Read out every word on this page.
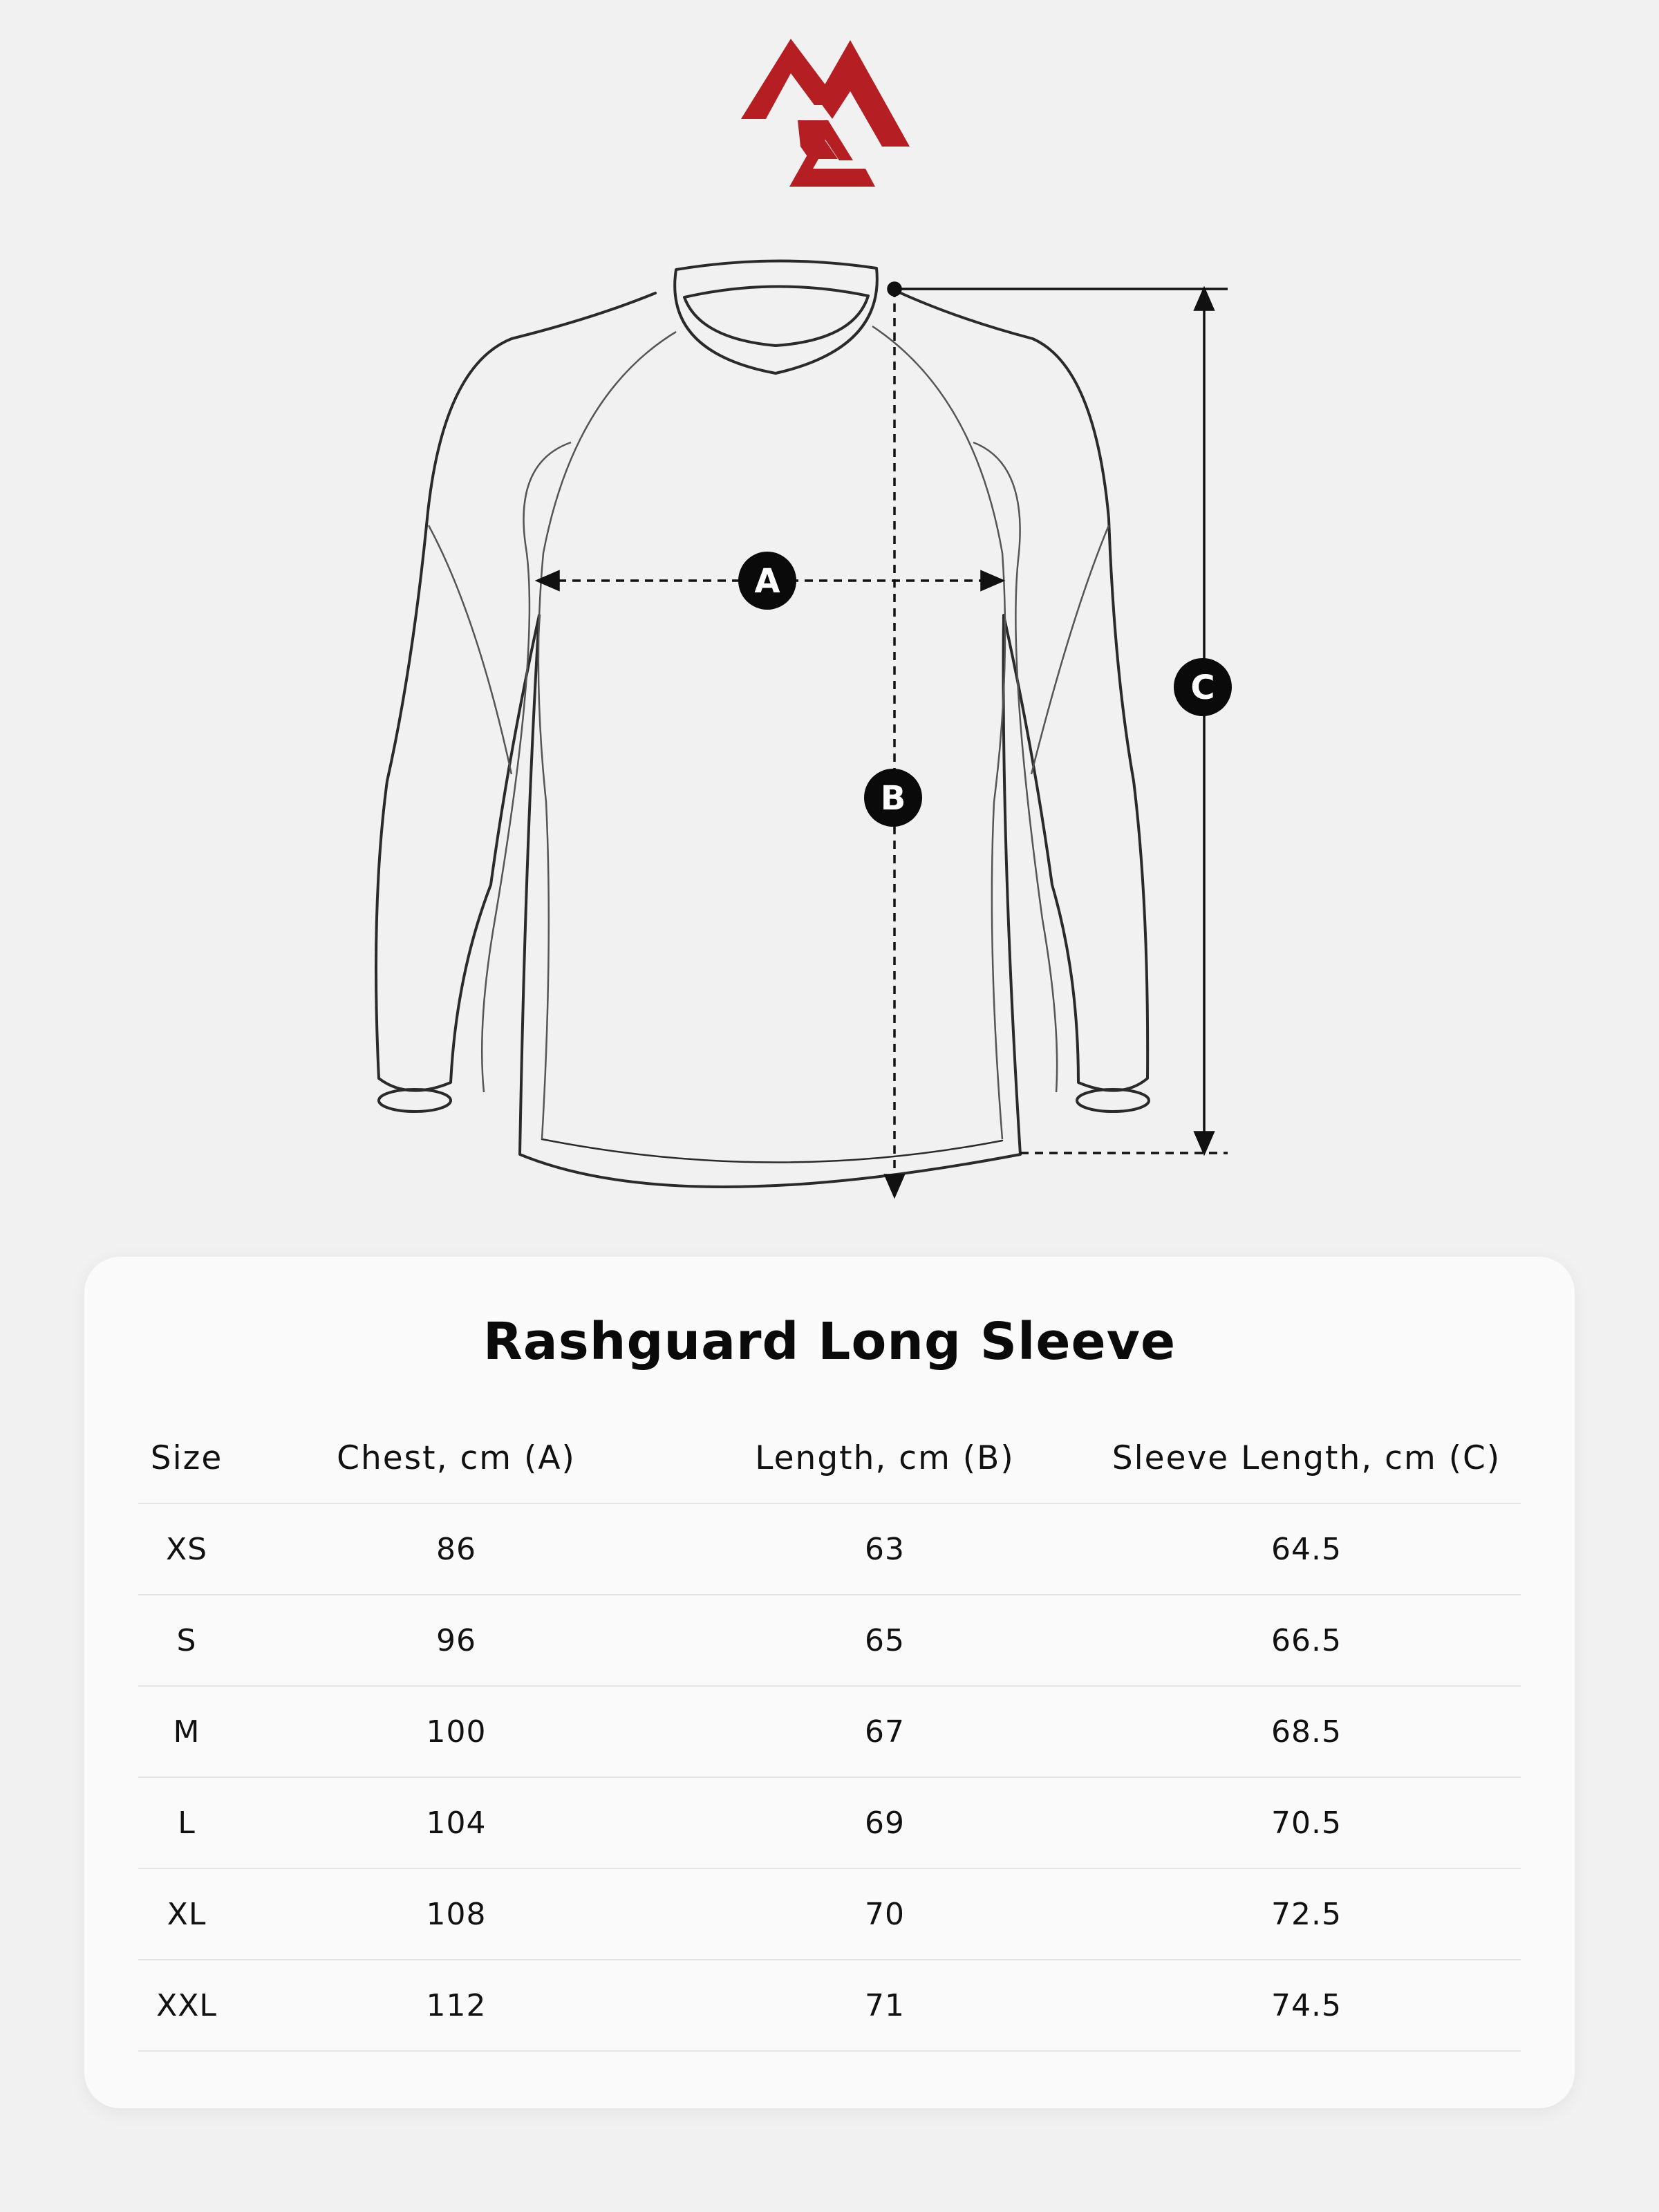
A
B
C
Rashguard Long Sleeve
Size	Chest, cm (A)	Length, cm (B)	Sleeve Length, cm (C)
XS	86	63	64.5
S	96	65	66.5
M	100	67	68.5
L	104	69	70.5
XL	108	70	72.5
XXL	112	71	74.5
